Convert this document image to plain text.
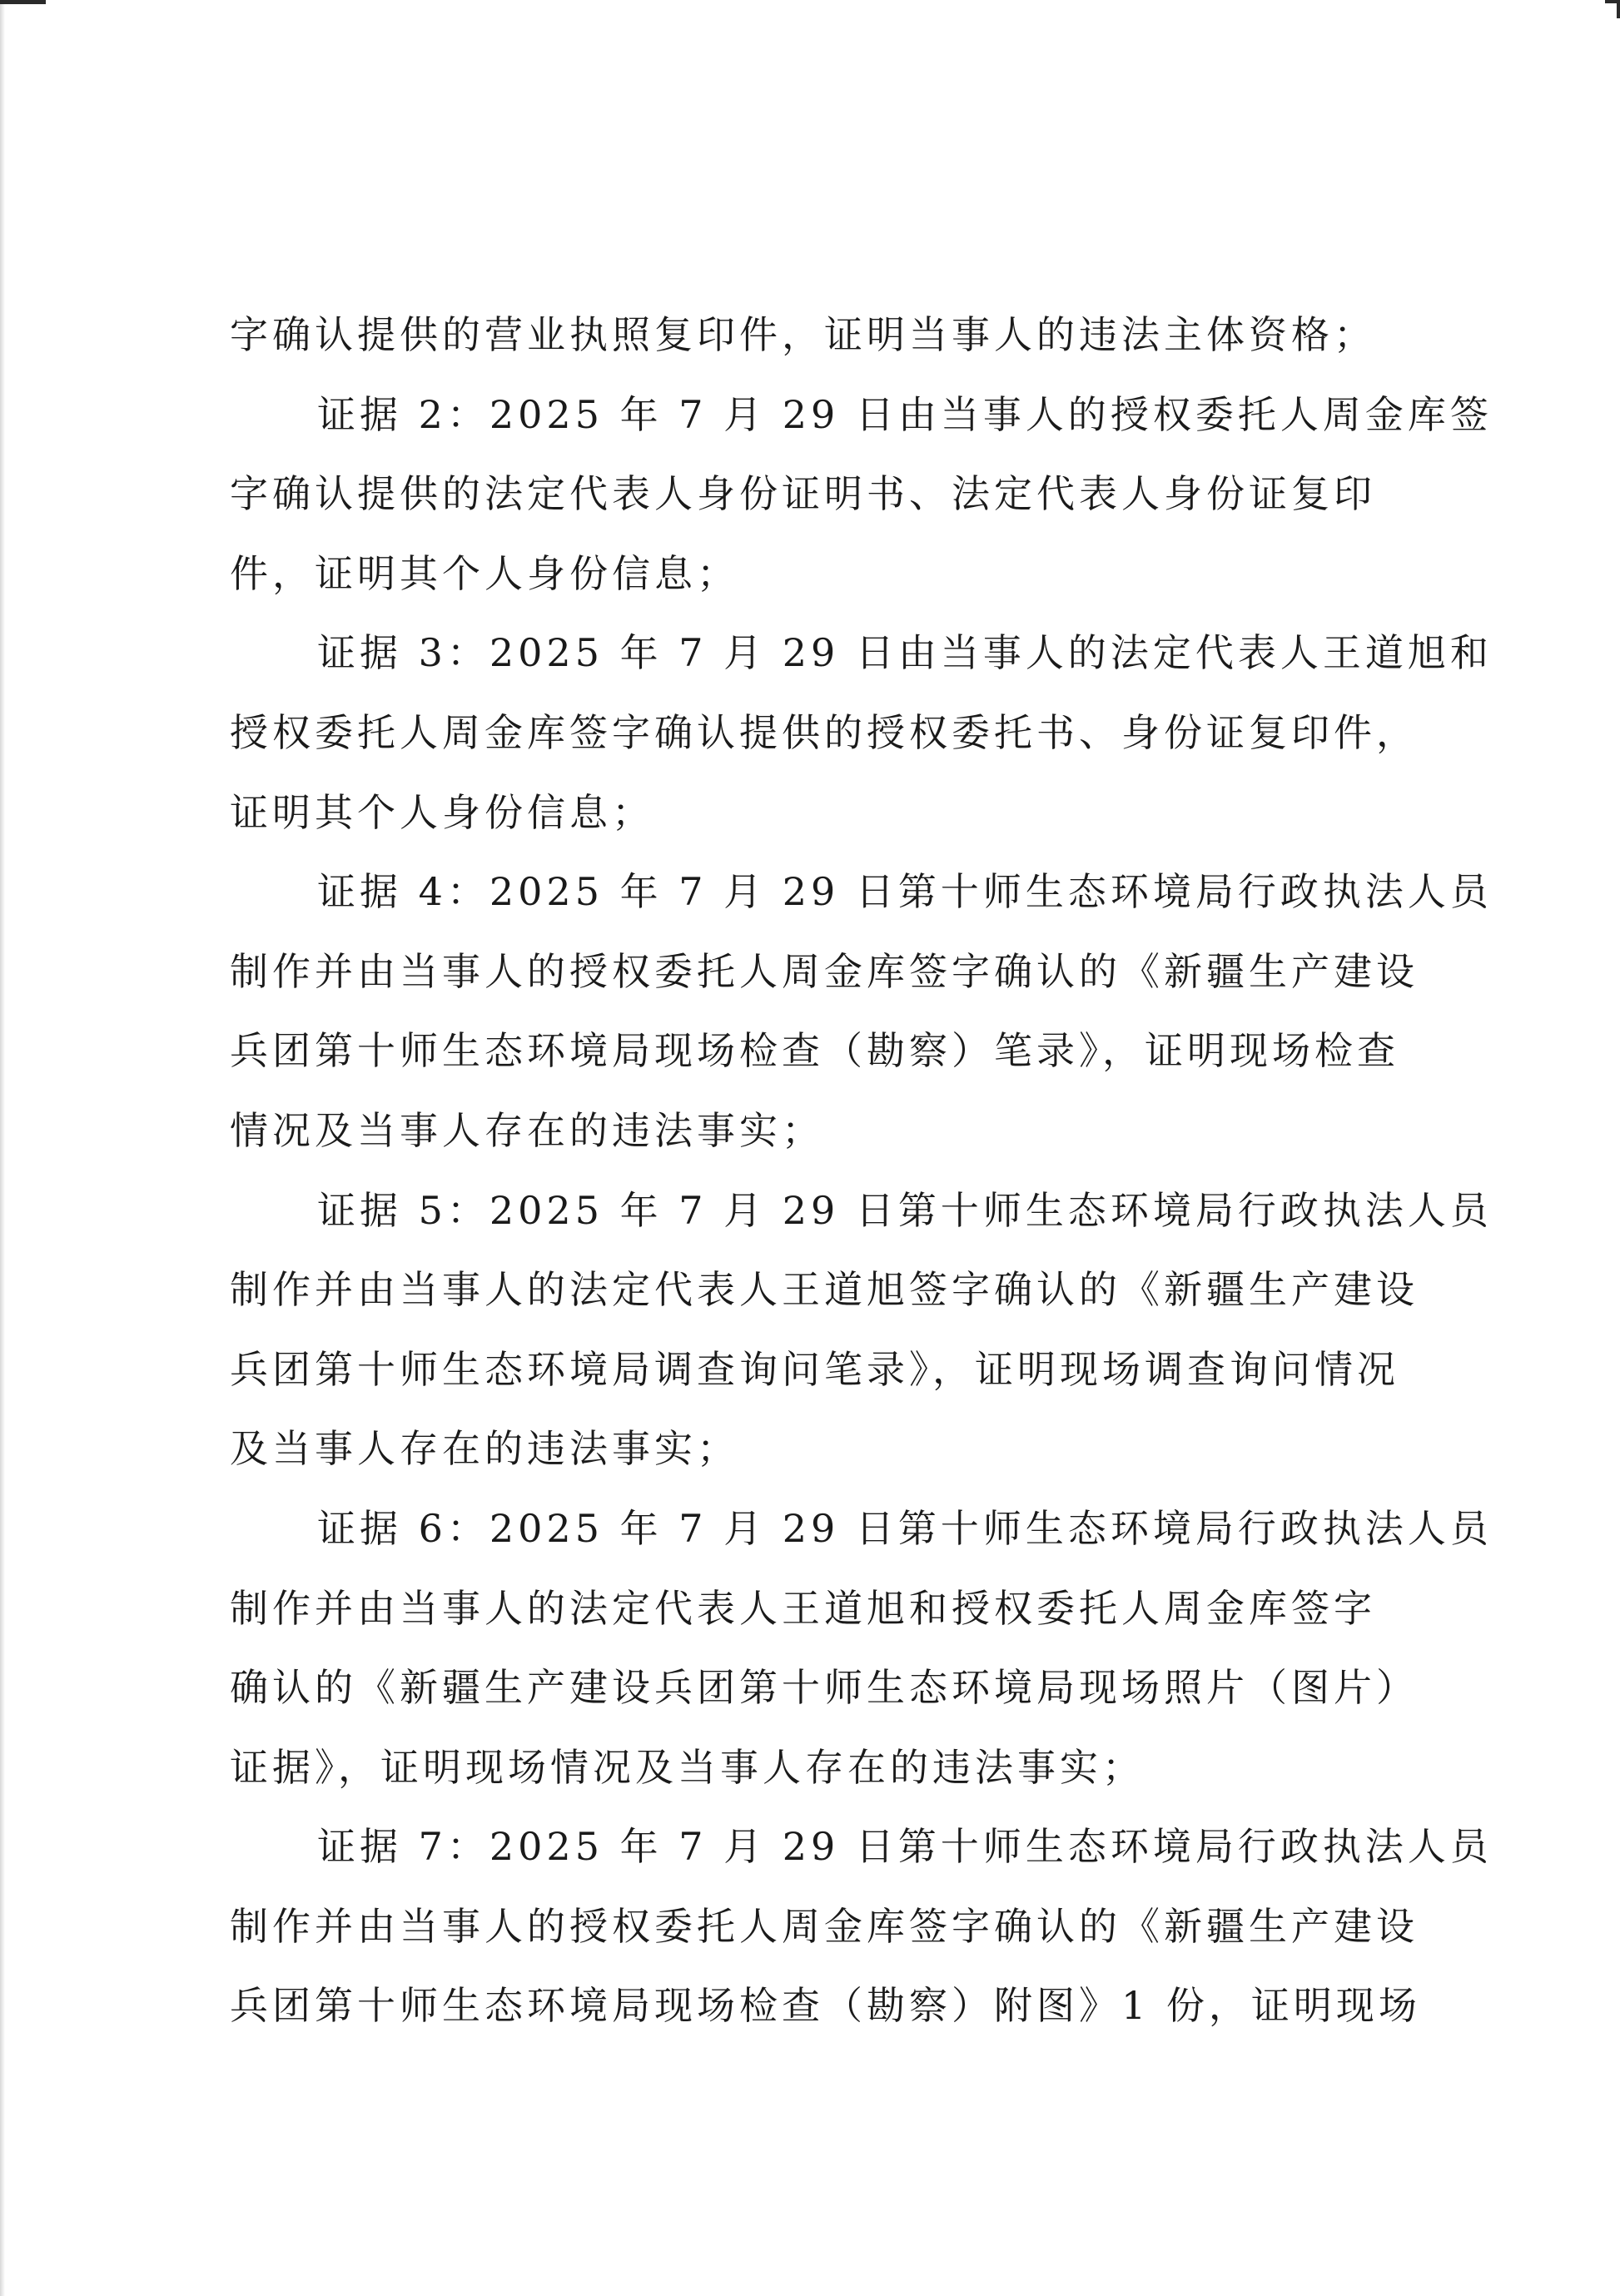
字确认提供的营业执照复印件，证明当事人的违法主体资格；
证据 2：2025 年 7 月 29 日由当事人的授权委托人周金库签
字确认提供的法定代表人身份证明书、法定代表人身份证复印
件，证明其个人身份信息；
证据 3：2025 年 7 月 29 日由当事人的法定代表人王道旭和
授权委托人周金库签字确认提供的授权委托书、身份证复印件，
证明其个人身份信息；
证据 4：2025 年 7 月 29 日第十师生态环境局行政执法人员
制作并由当事人的授权委托人周金库签字确认的《新疆生产建设
兵团第十师生态环境局现场检查（勘察）笔录》，证明现场检查
情况及当事人存在的违法事实；
证据 5：2025 年 7 月 29 日第十师生态环境局行政执法人员
制作并由当事人的法定代表人王道旭签字确认的《新疆生产建设
兵团第十师生态环境局调查询问笔录》，证明现场调查询问情况
及当事人存在的违法事实；
证据 6：2025 年 7 月 29 日第十师生态环境局行政执法人员
制作并由当事人的法定代表人王道旭和授权委托人周金库签字
确认的《新疆生产建设兵团第十师生态环境局现场照片（图片）
证据》，证明现场情况及当事人存在的违法事实；
证据 7：2025 年 7 月 29 日第十师生态环境局行政执法人员
制作并由当事人的授权委托人周金库签字确认的《新疆生产建设
兵团第十师生态环境局现场检查（勘察）附图》1 份，证明现场
